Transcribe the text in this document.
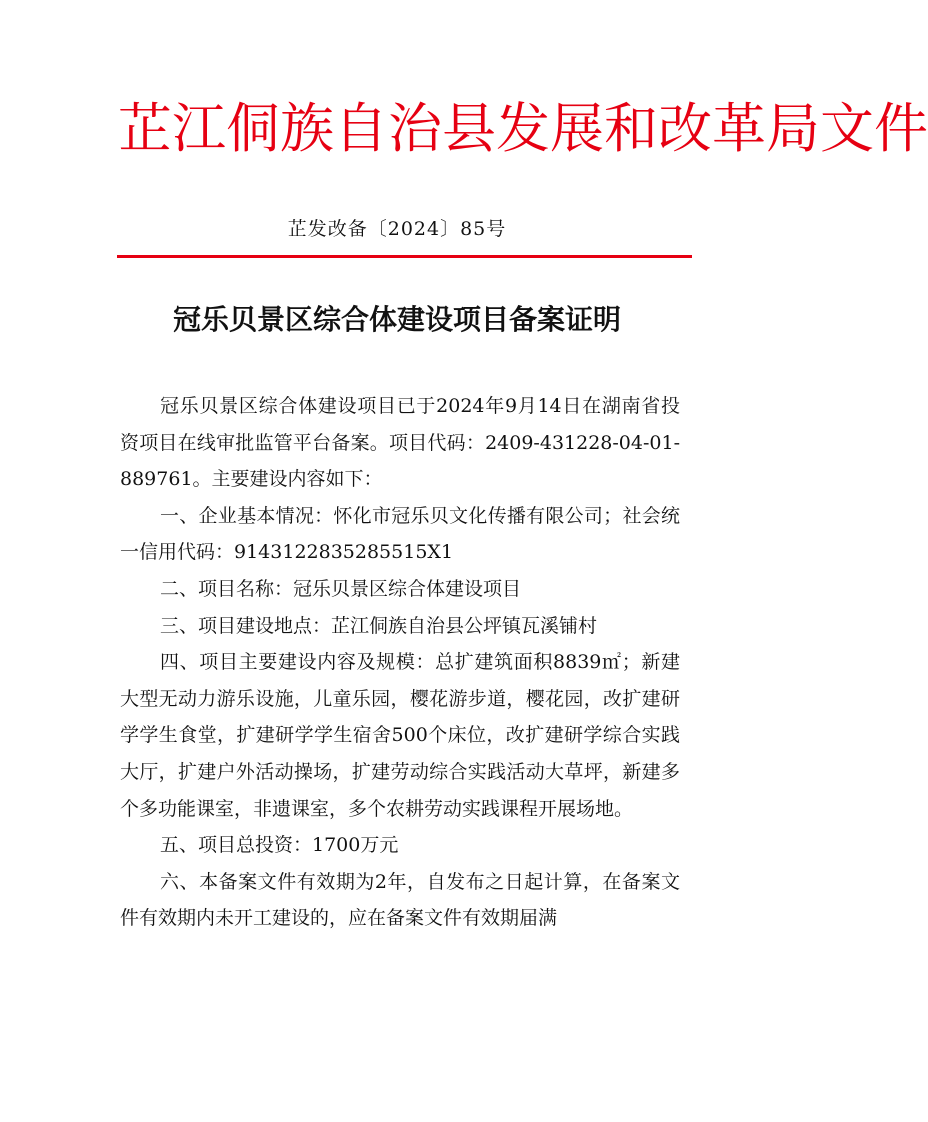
芷江侗族自治县发展和改革局文件
芷发改备〔2024〕85号
冠乐贝景区综合体建设项目备案证明

冠乐贝景区综合体建设项目已于2024年9月14日在湖南省投资项目在线审批监管平台备案。项目代码：2409-431228-04-01-889761。主要建设内容如下：

一、企业基本情况：怀化市冠乐贝文化传播有限公司；社会统一信用代码：9143122835285515X1

二、项目名称：冠乐贝景区综合体建设项目

三、项目建设地点：芷江侗族自治县公坪镇瓦溪铺村

四、项目主要建设内容及规模：总扩建筑面积8839㎡；新建大型无动力游乐设施，儿童乐园，樱花游步道，樱花园，改扩建研学学生食堂，扩建研学学生宿舍500个床位，改扩建研学综合实践大厅，扩建户外活动操场，扩建劳动综合实践活动大草坪，新建多个多功能课室，非遗课室，多个农耕劳动实践课程开展场地。

五、项目总投资：1700万元

六、本备案文件有效期为2年，自发布之日起计算，在备案文件有效期内未开工建设的，应在备案文件有效期届满
